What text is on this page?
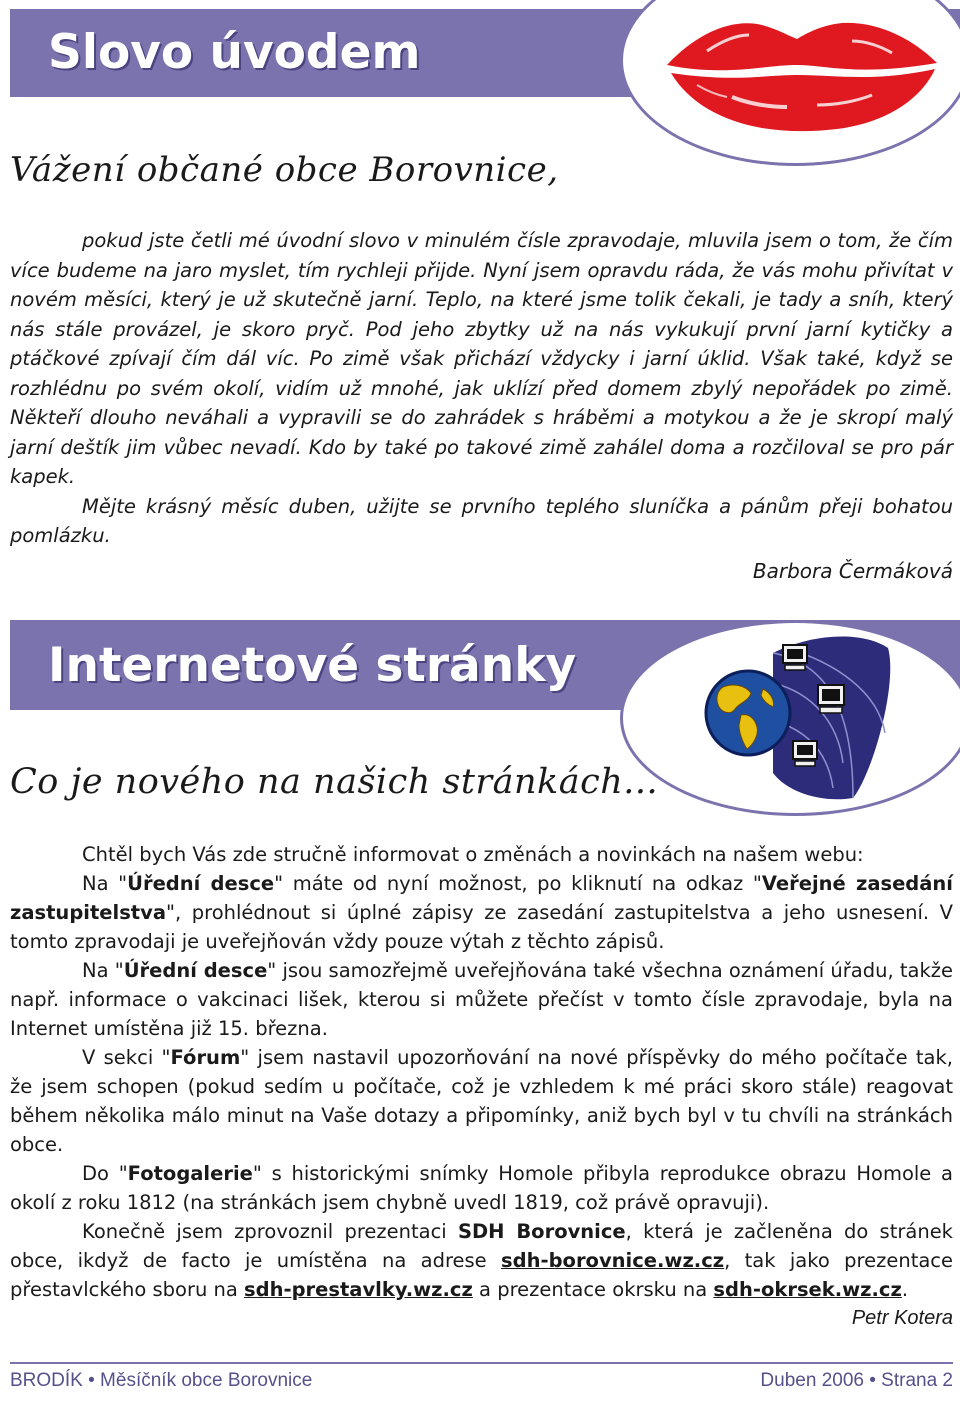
Slovo úvodem
Vážení občané obce Borovnice,

pokud jste četli mé úvodní slovo v minulém čísle zpravodaje, mluvila jsem o tom, že čím více budeme na jaro myslet, tím rychleji přijde. Nyní jsem opravdu ráda, že vás mohu přivítat v novém měsíci, který je už skutečně jarní. Teplo, na které jsme tolik čekali, je tady a sníh, který nás stále provázel, je skoro pryč. Pod jeho zbytky už na nás vykukují první jarní kytičky a ptáčkové zpívají čím dál víc. Po zimě však přichází vždycky i jarní úklid. Však také, když se rozhlédnu po svém okolí, vidím už mnohé, jak uklízí před domem zbylý nepořádek po zimě. Někteří dlouho neváhali a vypravili se do zahrádek s hráběmi a motykou a že je skropí malý jarní deštík jim vůbec nevadí. Kdo by také po takové zimě zahálel doma a rozčiloval se pro pár kapek.

Mějte krásný měsíc duben, užijte se prvního teplého sluníčka a pánům přeji bohatou pomlázku.

Barbora Čermáková

Internetové stránky
Co je nového na našich stránkách...

Chtěl bych Vás zde stručně informovat o změnách a novinkách na našem webu:

Na "Úřední desce" máte od nyní možnost, po kliknutí na odkaz "Veřejné zasedání zastupitelstva", prohlédnout si úplné zápisy ze zasedání zastupitelstva a jeho usnesení. V tomto zpravodaji je uveřejňován vždy pouze výtah z těchto zápisů.

Na "Úřední desce" jsou samozřejmě uveřejňována také všechna oznámení úřadu, takže např. informace o vakcinaci lišek, kterou si můžete přečíst v tomto čísle zpravodaje, byla na Internet umístěna již 15. března.

V sekci "Fórum" jsem nastavil upozorňování na nové příspěvky do mého počítače tak, že jsem schopen (pokud sedím u počítače, což je vzhledem k mé práci skoro stále) reagovat během několika málo minut na Vaše dotazy a připomínky, aniž bych byl v tu chvíli na stránkách obce.

Do "Fotogalerie" s historickými snímky Homole přibyla reprodukce obrazu Homole a okolí z roku 1812 (na stránkách jsem chybně uvedl 1819, což právě opravuji).

Konečně jsem zprovoznil prezentaci SDH Borovnice, která je začleněna do stránek obce, ikdyž de facto je umístěna na adrese sdh-borovnice.wz.cz, tak jako prezentace přestavlckého sboru na sdh-prestavlky.wz.cz a prezentace okrsku na sdh-okrsek.wz.cz.

Petr Kotera

BRODÍK • Měsíčník obce Borovnice	Duben 2006 • Strana 2
